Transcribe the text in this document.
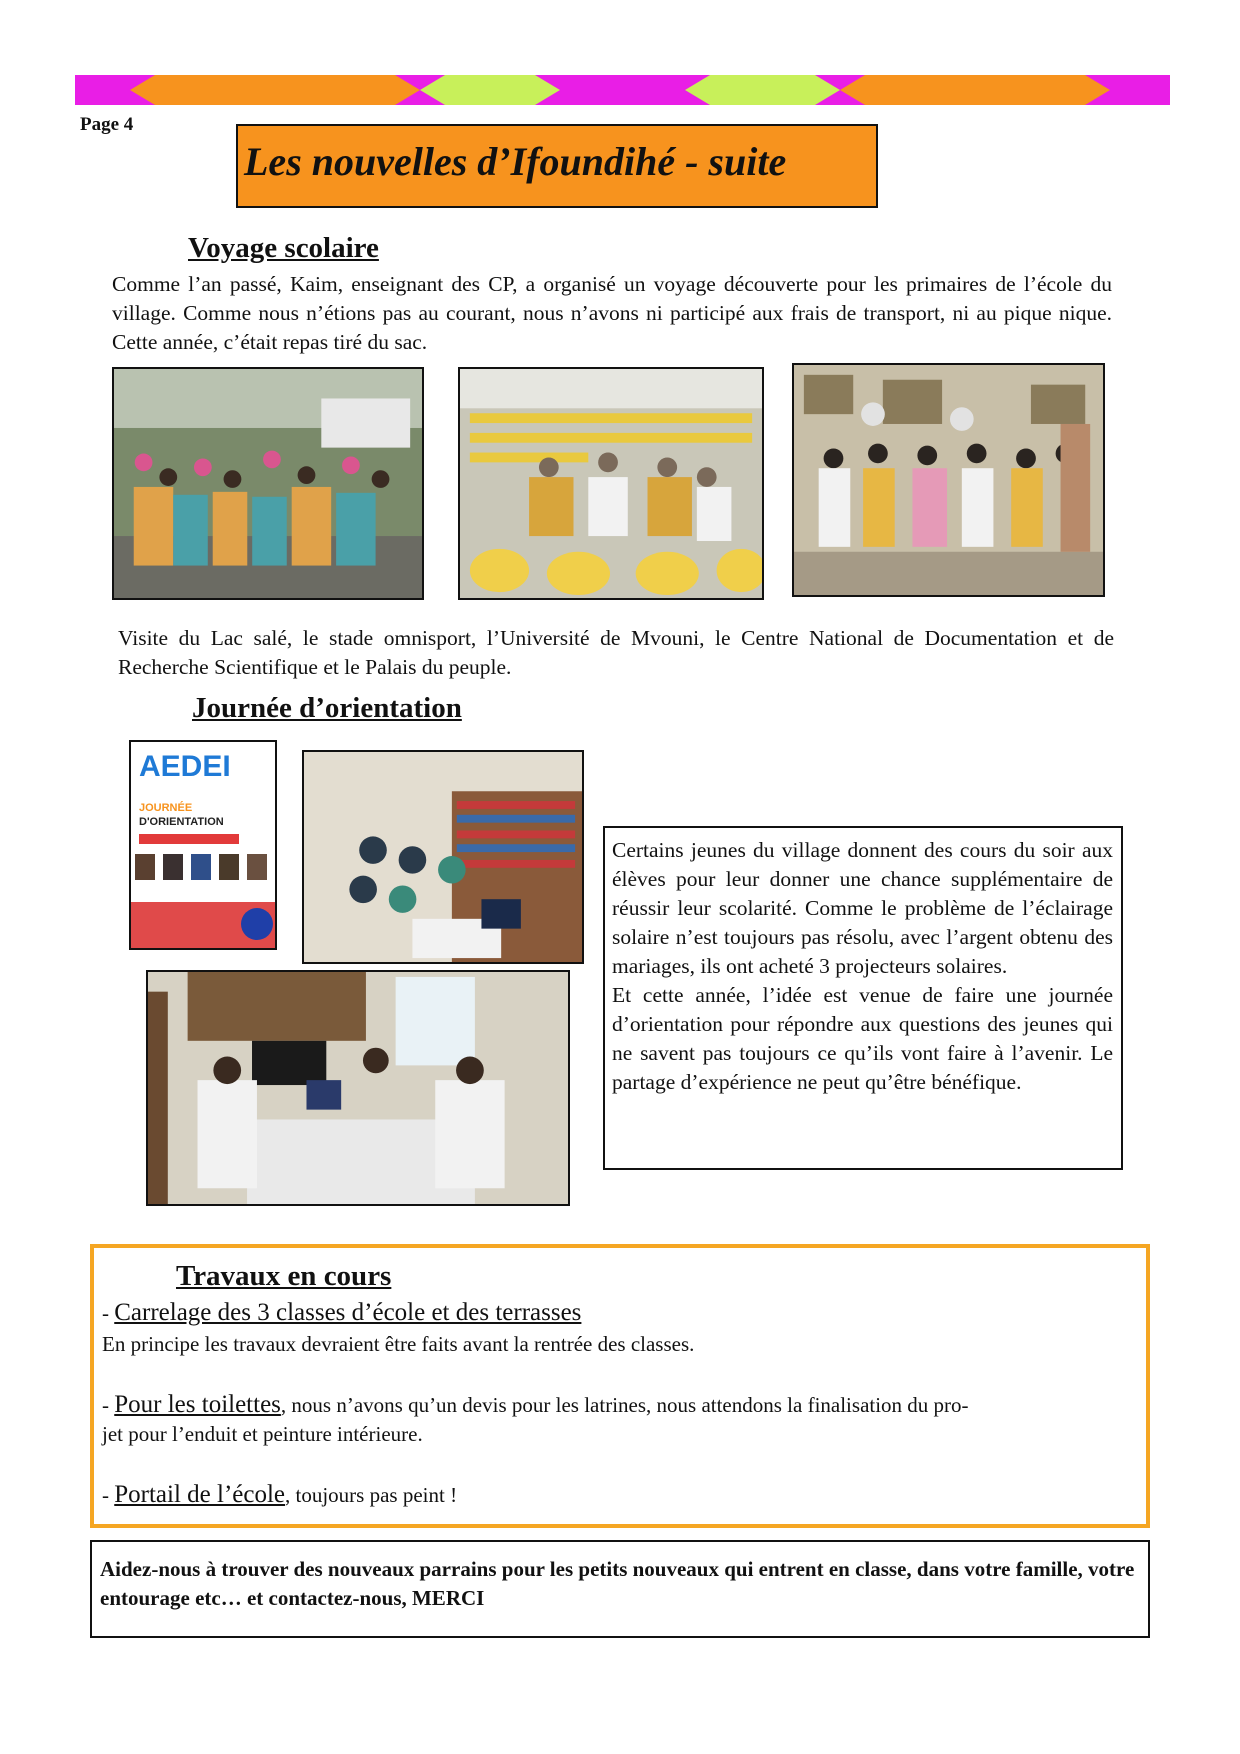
Page 4
Les nouvelles d’Ifoundihé - suite
Voyage scolaire
Comme l’an passé, Kaim, enseignant des CP, a organisé un voyage découverte pour les primaires de l’école du village. Comme nous n’étions pas au courant, nous n’avons ni participé aux frais de transport, ni au pique nique. Cette année, c’était repas tiré du sac.
Visite du Lac salé, le stade omnisport, l’Université de Mvouni, le Centre National de Documentation et de Recherche Scientifique et le Palais du peuple.
Journée d’orientation
AEDEI
JOURNÉE
D'ORIENTATION

Certains jeunes du village donnent des cours du soir aux élèves pour leur donner une chance supplémentaire de réussir leur scolarité. Comme le problème de l’éclairage solaire n’est toujours pas résolu, avec l’argent obtenu des mariages, ils ont acheté 3 projecteurs solaires.

Et cette année, l’idée est venue de faire une journée d’orientation pour répondre aux questions des jeunes qui ne savent pas toujours ce qu’ils vont faire à l’avenir. Le partage d’expérience ne peut qu’être bénéfique.

Travaux en cours
- Carrelage des 3 classes d’école et des terrasses
En principe les travaux devraient être faits avant la rentrée des classes.
- Pour les toilettes, nous n’avons qu’un devis pour les latrines, nous attendons la finalisation du pro-
jet pour l’enduit et peinture intérieure.
- Portail de l’école, toujours pas peint !
Aidez-nous à trouver des nouveaux parrains pour les petits nouveaux qui entrent en classe, dans votre famille, votre entourage etc… et contactez-nous, MERCI
